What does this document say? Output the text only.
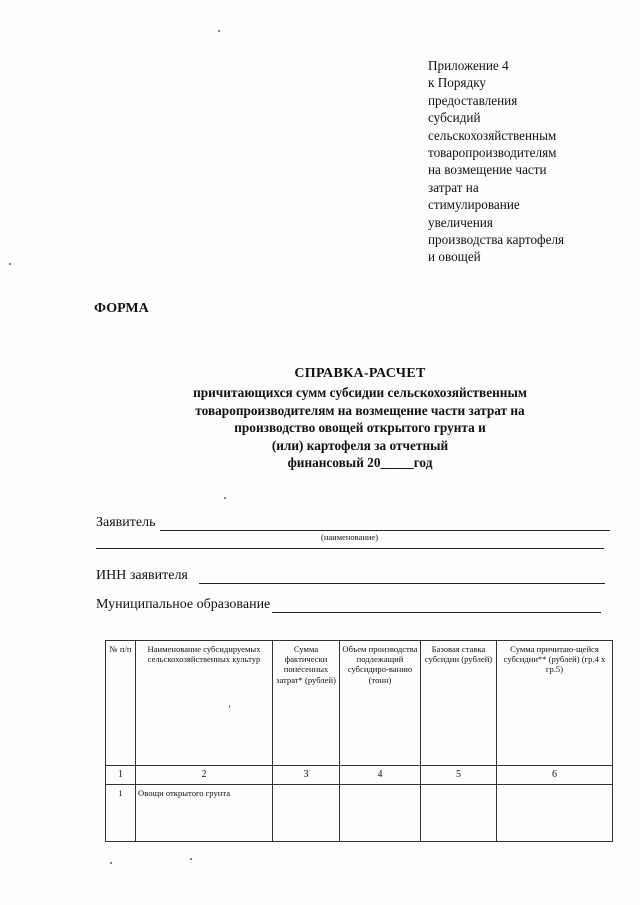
Приложение 4
к Порядку
предоставления
субсидий
сельскохозяйственным
товаропроизводителям
на возмещение части
затрат на
стимулирование
увеличения
производства картофеля
и овощей
ФОРМА
СПРАВКА-РАСЧЕТ
причитающихся сумм субсидии сельскохозяйственным
товаропроизводителям на возмещение части затрат на
производство овощей открытого грунта и
(или) картофеля за отчетный
финансовый 20_____год
Заявитель
(наименование)
ИНН заявителя
Муниципальное образование
№ п/п	Наименование субсидируемых сельскохозяйственных культур	Сумма фактически понесенных затрат* (рублей)	Объем производства подлежащий субсидиро-ванию (тонн)	Базовая ставка субсидии (рублей)	Сумма причитаю-щейся субсидии** (рублей) (гр.4 х гр.5)
1	2	3	4	5	6
1	Овощи открытого грунта				
